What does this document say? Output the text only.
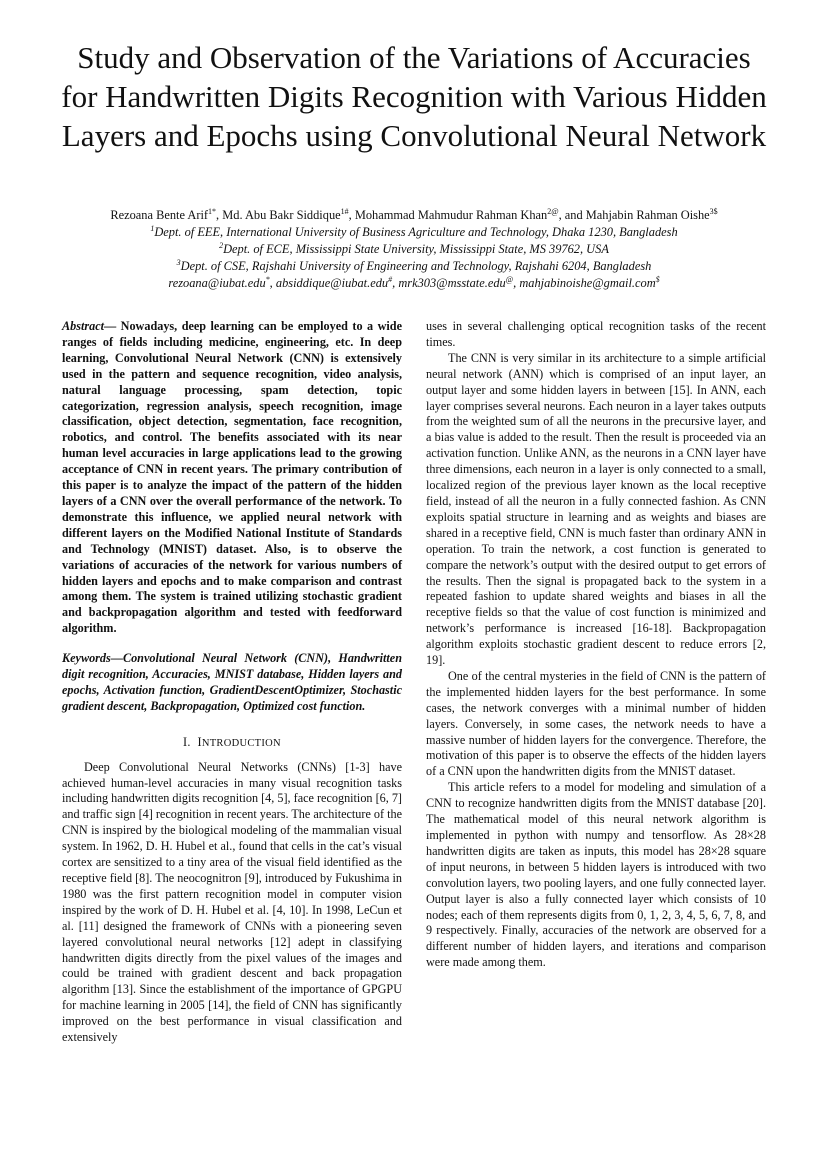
Study and Observation of the Variations of Accuracies for Handwritten Digits Recognition with Various Hidden Layers and Epochs using Convolutional Neural Network
Rezoana Bente Arif$^{1*}$, Md. Abu Bakr Siddique$^{1\#}$, Mohammad Mahmudur Rahman Khan$^{2@}$, and Mahjabin Rahman Oishe$^{3\$}$
$^1$Dept. of EEE, International University of Business Agriculture and Technology, Dhaka 1230, Bangladesh
$^2$Dept. of ECE, Mississippi State University, Mississippi State, MS 39762, USA
$^3$Dept. of CSE, Rajshahi University of Engineering and Technology, Rajshahi 6204, Bangladesh
rezoana@iubat.edu*, absiddique@iubat.edu#, mrk303@msstate.edu@, mahjabinoishe@gmail.com$

Abstract— Nowadays, deep learning can be employed to a wide ranges of fields including medicine, engineering, etc. In deep learning, Convolutional Neural Network (CNN) is extensively used in the pattern and sequence recognition, video analysis, natural language processing, spam detection, topic categorization, regression analysis, speech recognition, image classification, object detection, segmentation, face recognition, robotics, and control. The benefits associated with its near human level accuracies in large applications lead to the growing acceptance of CNN in recent years. The primary contribution of this paper is to analyze the impact of the pattern of the hidden layers of a CNN over the overall performance of the network. To demonstrate this influence, we applied neural network with different layers on the Modified National Institute of Standards and Technology (MNIST) dataset. Also, is to observe the variations of accuracies of the network for various numbers of hidden layers and epochs and to make comparison and contrast among them. The system is trained utilizing stochastic gradient and backpropagation algorithm and tested with feedforward algorithm.

Keywords—Convolutional Neural Network (CNN), Handwritten digit recognition, Accuracies, MNIST database, Hidden layers and epochs, Activation function, GradientDescentOptimizer, Stochastic gradient descent, Backpropagation, Optimized cost function.

I. INTRODUCTION

Deep Convolutional Neural Networks (CNNs) [1-3] have achieved human-level accuracies in many visual recognition tasks including handwritten digits recognition [4, 5], face recognition [6, 7] and traffic sign [4] recognition in recent years. The architecture of the CNN is inspired by the biological modeling of the mammalian visual system. In 1962, D. H. Hubel et al., found that cells in the cat’s visual cortex are sensitized to a tiny area of the visual field identified as the receptive field [8]. The neocognitron [9], introduced by Fukushima in 1980 was the first pattern recognition model in computer vision inspired by the work of D. H. Hubel et al. [4, 10]. In 1998, LeCun et al. [11] designed the framework of CNNs with a pioneering seven layered convolutional neural networks [12] adept in classifying handwritten digits directly from the pixel values of the images and could be trained with gradient descent and back propagation algorithm [13]. Since the establishment of the importance of GPGPU for machine learning in 2005 [14], the field of CNN has significantly improved on the best performance in visual classification and extensively

uses in several challenging optical recognition tasks of the recent times.

The CNN is very similar in its architecture to a simple artificial neural network (ANN) which is comprised of an input layer, an output layer and some hidden layers in between [15]. In ANN, each layer comprises several neurons. Each neuron in a layer takes outputs from the weighted sum of all the neurons in the precursive layer, and a bias value is added to the result. Then the result is proceeded via an activation function. Unlike ANN, as the neurons in a CNN layer have three dimensions, each neuron in a layer is only connected to a small, localized region of the previous layer known as the local receptive field, instead of all the neuron in a fully connected fashion. As CNN exploits spatial structure in learning and as weights and biases are shared in a receptive field, CNN is much faster than ordinary ANN in operation. To train the network, a cost function is generated to compare the network’s output with the desired output to get errors of the results. Then the signal is propagated back to the system in a repeated fashion to update shared weights and biases in all the receptive fields so that the value of cost function is minimized and network’s performance is increased [16-18]. Backpropagation algorithm exploits stochastic gradient descent to reduce errors [2, 19].

One of the central mysteries in the field of CNN is the pattern of the implemented hidden layers for the best performance. In some cases, the network converges with a minimal number of hidden layers. Conversely, in some cases, the network needs to have a massive number of hidden layers for the convergence. Therefore, the motivation of this paper is to observe the effects of the hidden layers of a CNN upon the handwritten digits from the MNIST dataset.

This article refers to a model for modeling and simulation of a CNN to recognize handwritten digits from the MNIST database [20]. The mathematical model of this neural network algorithm is implemented in python with numpy and tensorflow. As 28×28 handwritten digits are taken as inputs, this model has 28×28 square of input neurons, in between 5 hidden layers is introduced with two convolution layers, two pooling layers, and one fully connected layer. Output layer is also a fully connected layer which consists of 10 nodes; each of them represents digits from 0, 1, 2, 3, 4, 5, 6, 7, 8, and 9 respectively. Finally, accuracies of the network are observed for a different number of hidden layers, and iterations and comparison were made among them.
